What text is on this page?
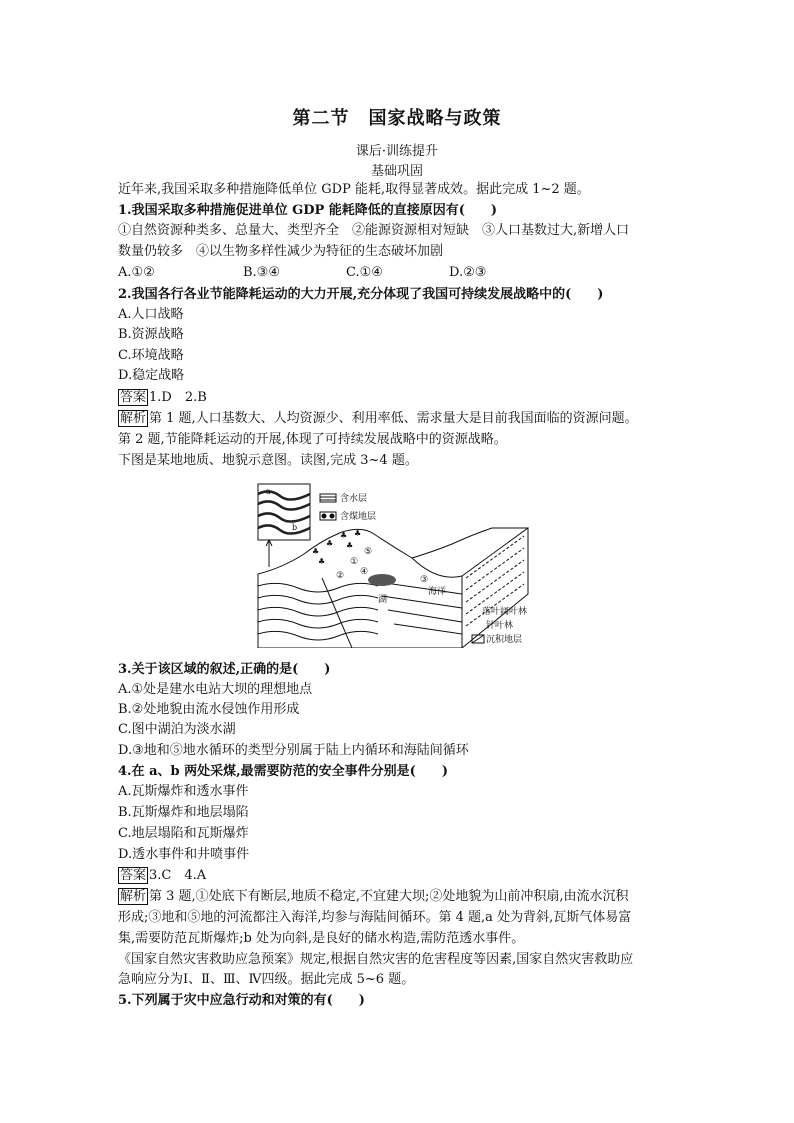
第二节　国家战略与政策
课后·训练提升
基础巩固
近年来,我国采取多种措施降低单位 GDP 能耗,取得显著成效。据此完成 1~2 题。
1.我国采取多种措施促进单位 GDP 能耗降低的直接原因有(　　)
①自然资源种类多、总量大、类型齐全　②能源资源相对短缺　③人口基数过大,新增人口
数量仍较多　④以生物多样性减少为特征的生态破坏加剧
A.①②	B.③④	C.①④	D.②③
2.我国各行各业节能降耗运动的大力开展,充分体现了我国可持续发展战略中的(　　)
A.人口战略
B.资源战略
C.环境战略
D.稳定战略
答案 1.D　2.B
解析 第 1 题,人口基数大、人均资源少、利用率低、需求量大是目前我国面临的资源问题。
第 2 题,节能降耗运动的开展,体现了可持续发展战略中的资源战略。
下图是某地地质、地貌示意图。读图,完成 3~4 题。
♣
♣
♣ ♣
♣
♣
含水层
含煤地层
湖
海洋
落叶阔叶林
针叶林
沉积地层
a
b
①
②	③
④
⑤
3.关于该区域的叙述,正确的是(　　)
A.①处是建水电站大坝的理想地点
B.②处地貌由流水侵蚀作用形成
C.图中湖泊为淡水湖
D.③地和⑤地水循环的类型分别属于陆上内循环和海陆间循环
4.在 a、b 两处采煤,最需要防范的安全事件分别是(　　)
A.瓦斯爆炸和透水事件
B.瓦斯爆炸和地层塌陷
C.地层塌陷和瓦斯爆炸
D.透水事件和井喷事件
答案 3.C　4.A
解析 第 3 题,①处底下有断层,地质不稳定,不宜建大坝;②处地貌为山前冲积扇,由流水沉积
形成;③地和⑤地的河流都注入海洋,均参与海陆间循环。第 4 题,a 处为背斜,瓦斯气体易富
集,需要防范瓦斯爆炸;b 处为向斜,是良好的储水构造,需防范透水事件。
《国家自然灾害救助应急预案》规定,根据自然灾害的危害程度等因素,国家自然灾害救助应
急响应分为Ⅰ、Ⅱ、Ⅲ、Ⅳ四级。据此完成 5~6 题。
5.下列属于灾中应急行动和对策的有(　　)
